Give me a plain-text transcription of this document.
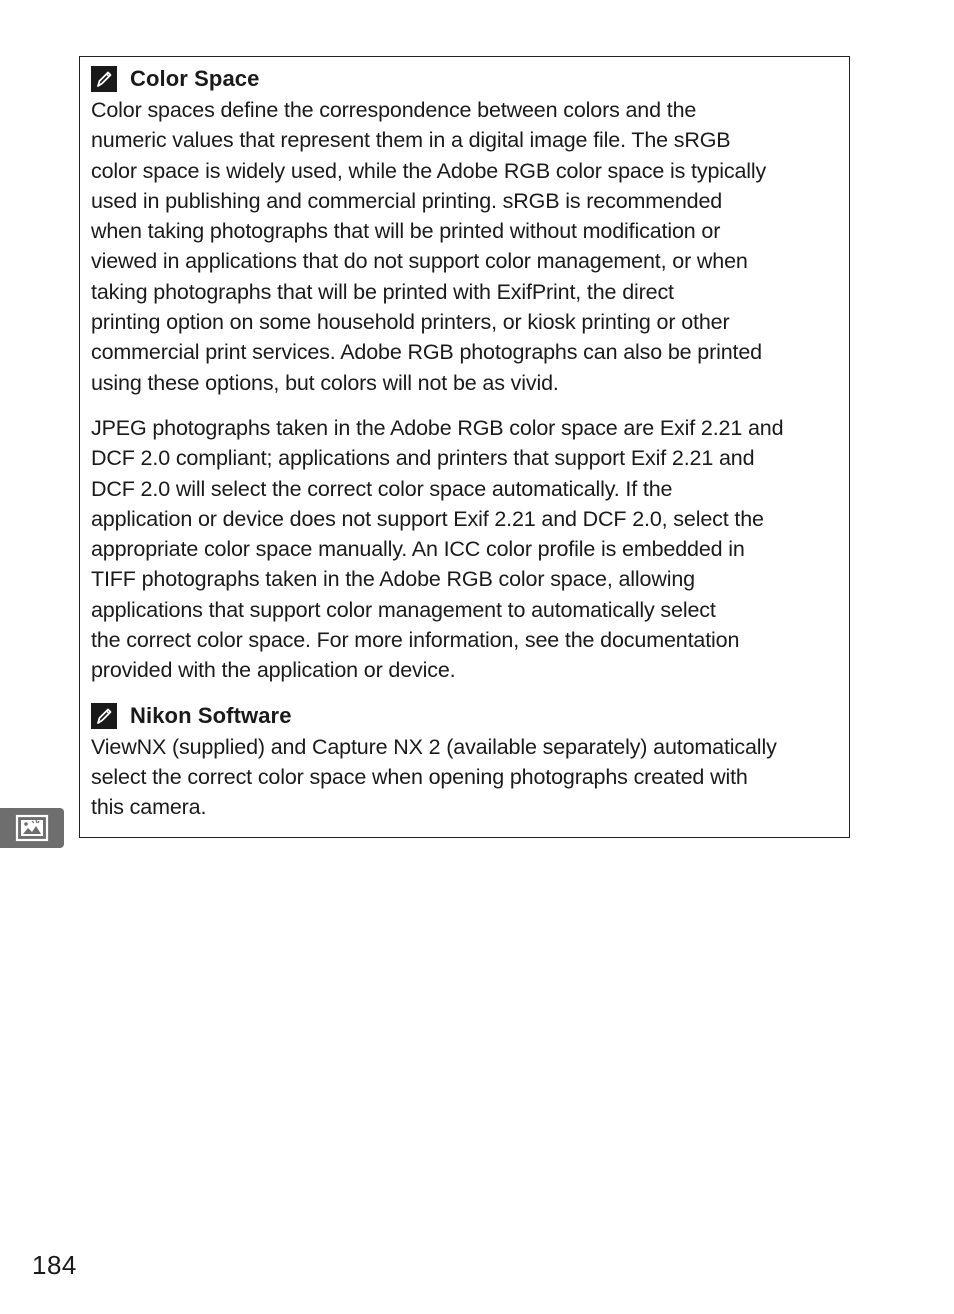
Color Space

Color spaces define the correspondence between colors and the
numeric values that represent them in a digital image file. The sRGB
color space is widely used, while the Adobe RGB color space is typically
used in publishing and commercial printing. sRGB is recommended
when taking photographs that will be printed without modification or
viewed in applications that do not support color management, or when
taking photographs that will be printed with ExifPrint, the direct
printing option on some household printers, or kiosk printing or other
commercial print services. Adobe RGB photographs can also be printed
using these options, but colors will not be as vivid.

JPEG photographs taken in the Adobe RGB color space are Exif 2.21 and
DCF 2.0 compliant; applications and printers that support Exif 2.21 and
DCF 2.0 will select the correct color space automatically. If the
application or device does not support Exif 2.21 and DCF 2.0, select the
appropriate color space manually. An ICC color profile is embedded in
TIFF photographs taken in the Adobe RGB color space, allowing
applications that support color management to automatically select
the correct color space. For more information, see the documentation
provided with the application or device.

Nikon Software

ViewNX (supplied) and Capture NX 2 (available separately) automatically
select the correct color space when opening photographs created with
this camera.

184
